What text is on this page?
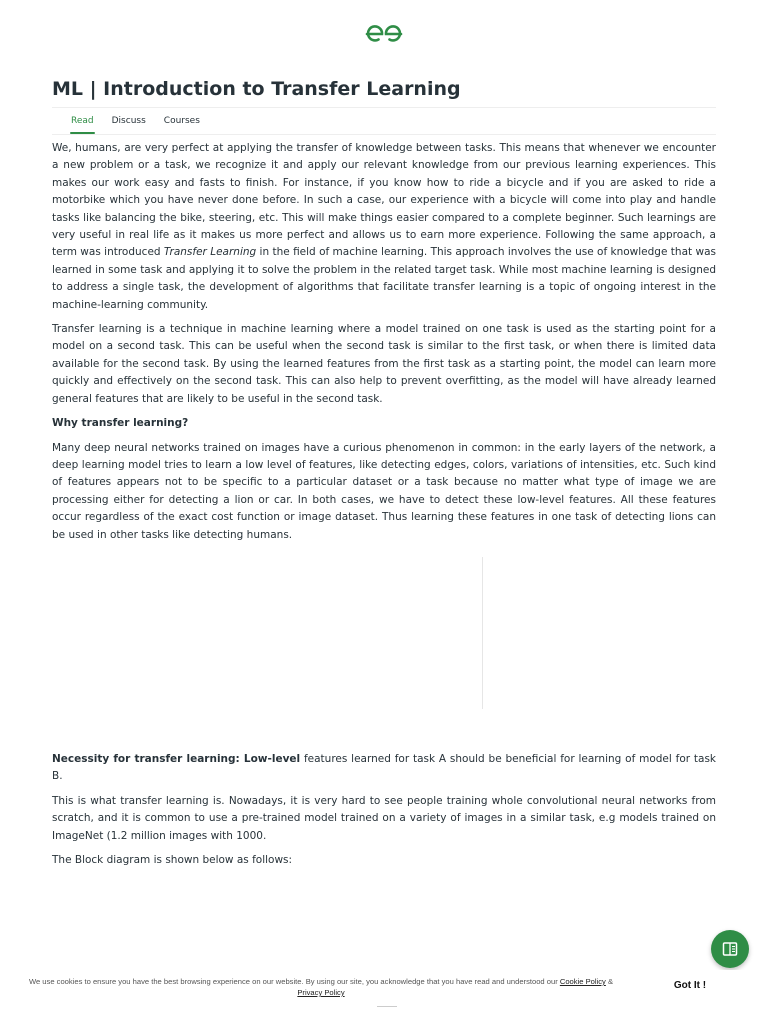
ML | Introduction to Transfer Learning
Read	Discuss	Courses

We, humans, are very perfect at applying the transfer of knowledge between tasks. This means that whenever we encounter a new problem or a task, we recognize it and apply our relevant knowledge from our previous learning experiences. This makes our work easy and fasts to finish. For instance, if you know how to ride a bicycle and if you are asked to ride a motorbike which you have never done before. In such a case, our experience with a bicycle will come into play and handle tasks like balancing the bike, steering, etc. This will make things easier compared to a complete beginner. Such learnings are very useful in real life as it makes us more perfect and allows us to earn more experience. Following the same approach, a term was introduced Transfer Learning in the field of machine learning. This approach involves the use of knowledge that was learned in some task and applying it to solve the problem in the related target task. While most machine learning is designed to address a single task, the development of algorithms that facilitate transfer learning is a topic of ongoing interest in the machine-learning community.

Transfer learning is a technique in machine learning where a model trained on one task is used as the starting point for a model on a second task. This can be useful when the second task is similar to the first task, or when there is limited data available for the second task. By using the learned features from the first task as a starting point, the model can learn more quickly and effectively on the second task. This can also help to prevent overfitting, as the model will have already learned general features that are likely to be useful in the second task.

Why transfer learning?

Many deep neural networks trained on images have a curious phenomenon in common: in the early layers of the network, a deep learning model tries to learn a low level of features, like detecting edges, colors, variations of intensities, etc. Such kind of features appears not to be specific to a particular dataset or a task because no matter what type of image we are processing either for detecting a lion or car. In both cases, we have to detect these low-level features. All these features occur regardless of the exact cost function or image dataset. Thus learning these features in one task of detecting lions can be used in other tasks like detecting humans.

Necessity for transfer learning: Low-level features learned for task A should be beneficial for learning of model for task B.

This is what transfer learning is. Nowadays, it is very hard to see people training whole convolutional neural networks from scratch, and it is common to use a pre-trained model trained on a variety of images in a similar task, e.g models trained on ImageNet (1.2 million images with 1000.

The Block diagram is shown below as follows:

We use cookies to ensure you have the best browsing experience on our website. By using our site, you acknowledge that you have read and understood our Cookie Policy &
Privacy Policy
Got It !
